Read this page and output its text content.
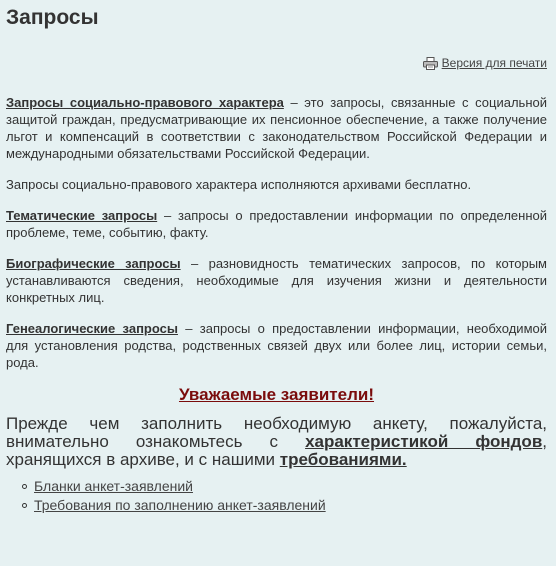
Запросы
Версия для печати

Запросы социально-правового характера – это запросы, связанные с социальной защитой граждан, предусматривающие их пенсионное обеспечение, а также получение льгот и компенсаций в соответствии с законодательством Российской Федерации и международными обязательствами Российской Федерации.

Запросы социально-правового характера исполняются архивами бесплатно.

Тематические запросы – запросы о предоставлении информации по определенной проблеме, теме, событию, факту.

Биографические запросы – разновидность тематических запросов, по которым устанавливаются сведения, необходимые для изучения жизни и деятельности конкретных лиц.

Генеалогические запросы – запросы о предоставлении информации, необходимой для установления родства, родственных связей двух или более лиц, истории семьи, рода.

Уважаемые заявители!

Прежде чем заполнить необходимую анкету, пожалуйста, внимательно ознакомьтесь с характеристикой фондов, хранящихся в архиве, и с нашими требованиями.

Бланки анкет-заявлений
Требования по заполнению анкет-заявлений
